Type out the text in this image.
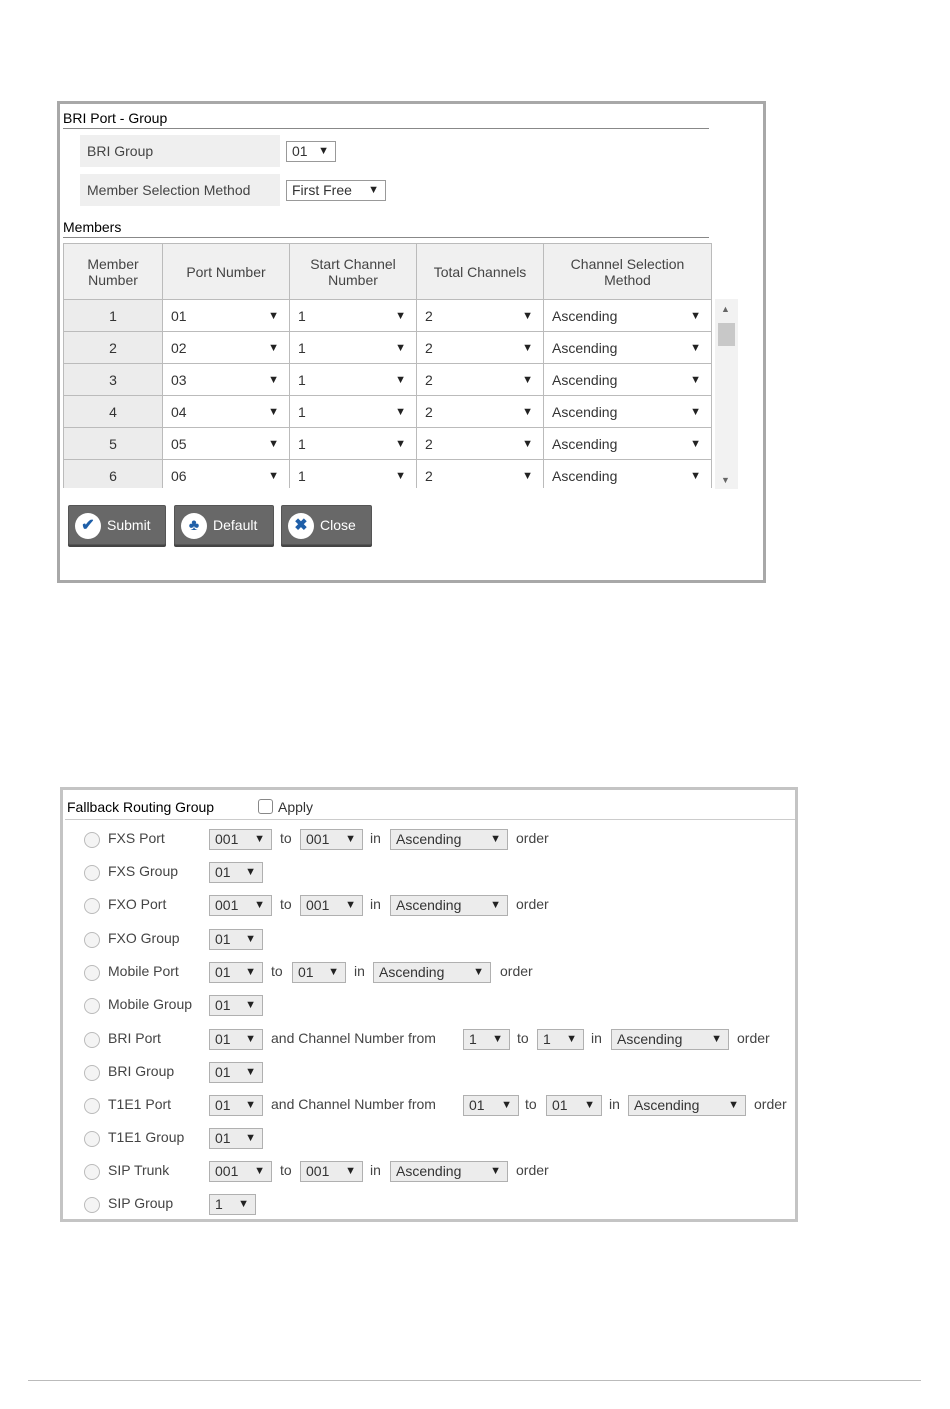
BRI Port - Group
BRI Group	01 ▼
Member Selection Method	First Free ▼
Members
Member Number	Port Number	Start Channel Number	Total Channels	Channel Selection Method
1	01 ▼	1 ▼	2 ▼	Ascending ▼

2	02 ▼	1 ▼	2 ▼	Ascending ▼

3	03 ▼	1 ▼	2 ▼	Ascending ▼

4	04 ▼	1 ▼	2 ▼	Ascending ▼

5	05 ▼	1 ▼	2 ▼	Ascending ▼

6	06 ▼	1 ▼	2 ▼	Ascending ▼
▲
▼
✔ Submit	♣ Default	✖ Close
Fallback Routing Group	Apply
FXS Port	001 ▼ to	001 ▼ in	Ascending	▼ order
FXS Group	01 ▼
FXO Port	001 ▼ to	001 ▼ in	Ascending	▼ order
FXO Group	01 ▼
Mobile Port	01 ▼ to	01 ▼ in	Ascending	▼ order
Mobile Group	01 ▼
BRI Port	01 ▼ and Channel Number from	1 ▼ to	1 ▼ in	Ascending	▼ order
BRI Group	01 ▼
T1E1 Port	01 ▼ and Channel Number from	01 ▼ to	01 ▼ in	Ascending	▼ order
T1E1 Group	01 ▼
SIP Trunk	001 ▼ to	001 ▼ in	Ascending	▼ order
SIP Group	1 ▼
